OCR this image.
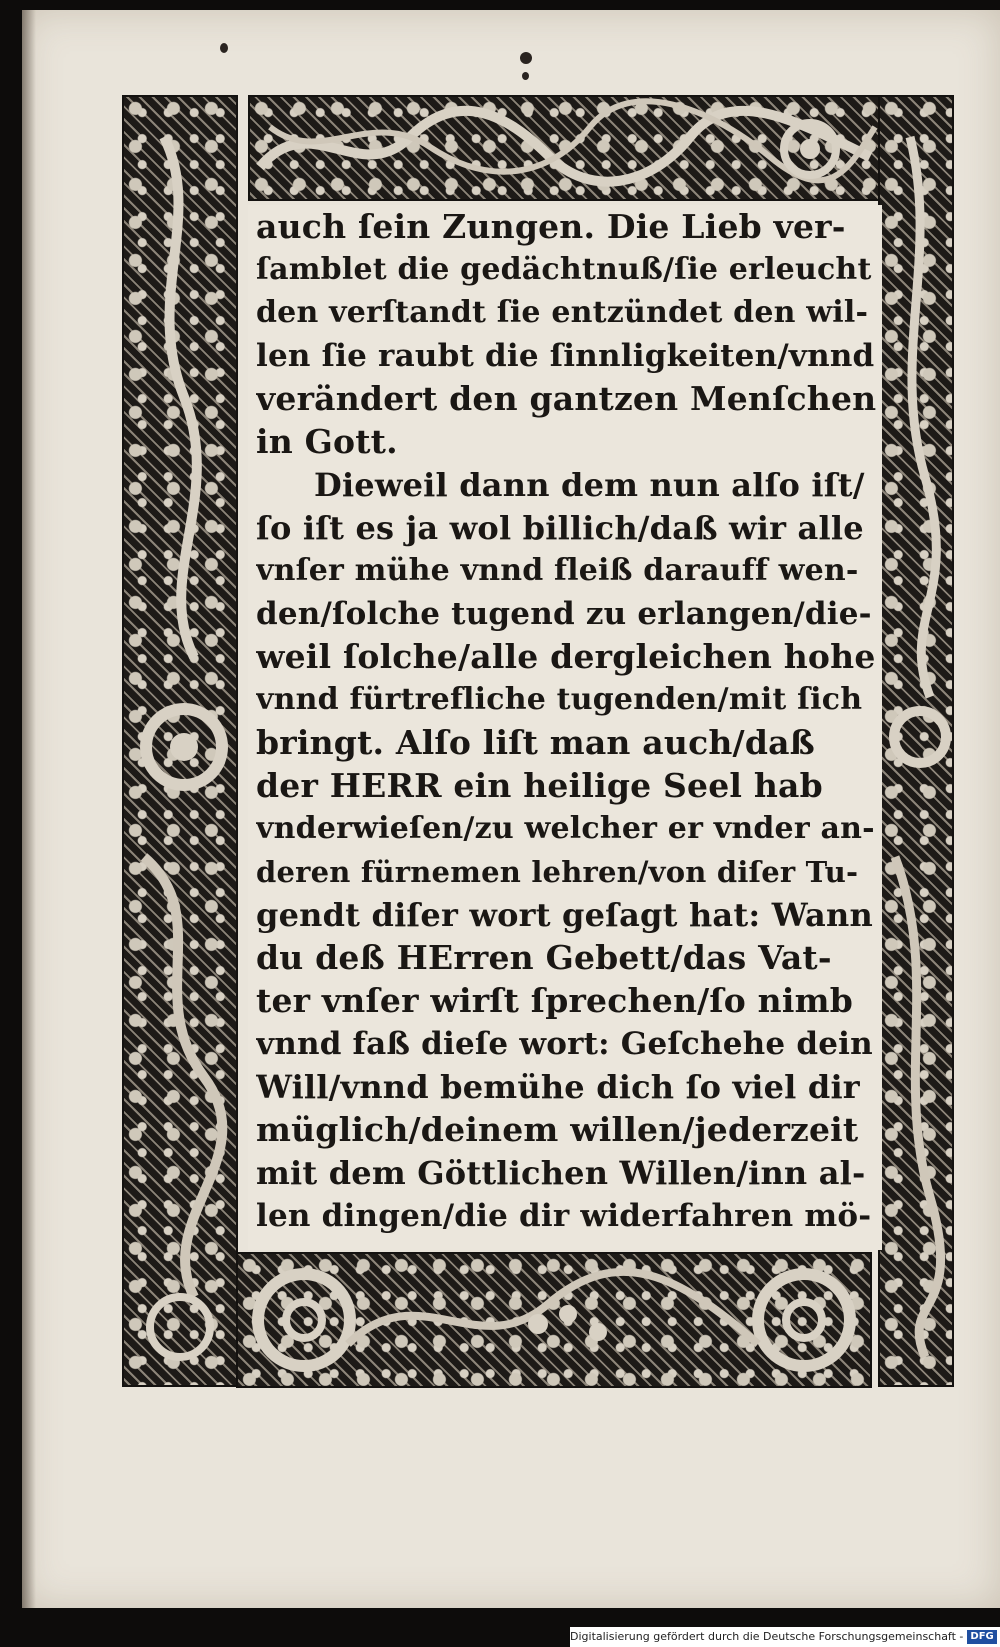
auch ſein Zungen. Die Lieb ver-
ſamblet die gedächtnuß/ſie erleucht
den verſtandt ſie entzündet den wil-
len ſie raubt die ſinnligkeiten/vnnd
verändert den gantzen Menſchen
in Gott.
Dieweil dann dem nun alſo iſt/
ſo iſt es ja wol billich/daß wir alle
vnſer mühe vnnd fleiß darauff wen-
den/ſolche tugend zu erlangen/die-
weil ſolche/alle dergleichen hohe
vnnd fürtrefliche tugenden/mit ſich
bringt. Alſo liſt man auch/daß
der HERR ein heilige Seel hab
vnderwieſen/zu welcher er vnder an-
deren fürnemen lehren/von diſer Tu-
gendt diſer wort geſagt hat: Wann
du deß HErren Gebett/das Vat-
ter vnſer wirſt ſprechen/ſo nimb
vnnd faß dieſe wort: Geſchehe dein
Will/vnnd bemühe dich ſo viel dir
müglich/deinem willen/jederzeit
mit dem Göttlichen Willen/inn al-
len dingen/die dir widerfahren mö-
Digitalisierung gefördert durch die Deutsche Forschungsgemeinschaft - DFG
